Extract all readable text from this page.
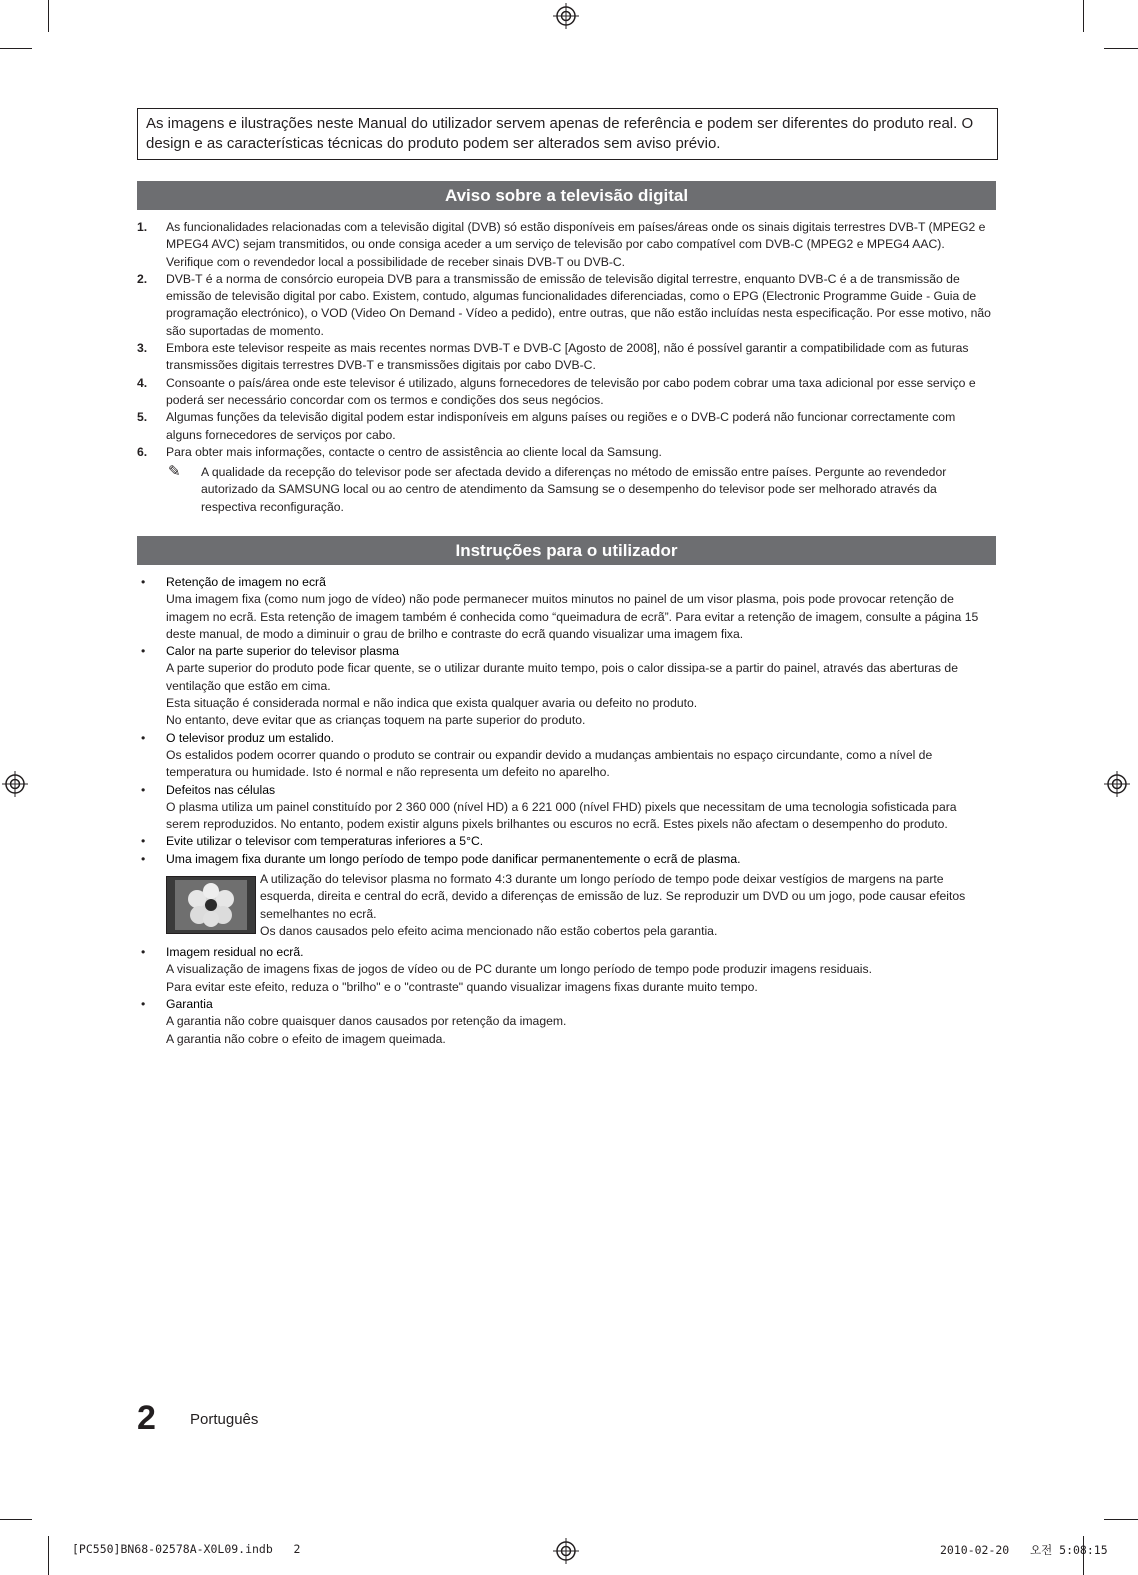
As imagens e ilustrações neste Manual do utilizador servem apenas de referência e podem ser diferentes do produto real. O design e as características técnicas do produto podem ser alterados sem aviso prévio.
Aviso sobre a televisão digital
1. As funcionalidades relacionadas com a televisão digital (DVB) só estão disponíveis em países/áreas onde os sinais digitais terrestres DVB-T (MPEG2 e MPEG4 AVC) sejam transmitidos, ou onde consiga aceder a um serviço de televisão por cabo compatível com DVB-C (MPEG2 e MPEG4 AAC). Verifique com o revendedor local a possibilidade de receber sinais DVB-T ou DVB-C.
2. DVB-T é a norma de consórcio europeia DVB para a transmissão de emissão de televisão digital terrestre, enquanto DVB-C é a de transmissão de emissão de televisão digital por cabo. Existem, contudo, algumas funcionalidades diferenciadas, como o EPG (Electronic Programme Guide - Guia de programação electrónico), o VOD (Video On Demand - Vídeo a pedido), entre outras, que não estão incluídas nesta especificação. Por esse motivo, não são suportadas de momento.
3. Embora este televisor respeite as mais recentes normas DVB-T e DVB-C [Agosto de 2008], não é possível garantir a compatibilidade com as futuras transmissões digitais terrestres DVB-T e transmissões digitais por cabo DVB-C.
4. Consoante o país/área onde este televisor é utilizado, alguns fornecedores de televisão por cabo podem cobrar uma taxa adicional por esse serviço e poderá ser necessário concordar com os termos e condições dos seus negócios.
5. Algumas funções da televisão digital podem estar indisponíveis em alguns países ou regiões e o DVB-C poderá não funcionar correctamente com alguns fornecedores de serviços por cabo.
6. Para obter mais informações, contacte o centro de assistência ao cliente local da Samsung.
✎ A qualidade da recepção do televisor pode ser afectada devido a diferenças no método de emissão entre países. Pergunte ao revendedor autorizado da SAMSUNG local ou ao centro de atendimento da Samsung se o desempenho do televisor pode ser melhorado através da respectiva reconfiguração.
Instruções para o utilizador
• Retenção de imagem no ecrã
Uma imagem fixa (como num jogo de vídeo) não pode permanecer muitos minutos no painel de um visor plasma, pois pode provocar retenção de imagem no ecrã. Esta retenção de imagem também é conhecida como “queimadura de ecrã”. Para evitar a retenção de imagem, consulte a página 15 deste manual, de modo a diminuir o grau de brilho e contraste do ecrã quando visualizar uma imagem fixa.
• Calor na parte superior do televisor plasma
A parte superior do produto pode ficar quente, se o utilizar durante muito tempo, pois o calor dissipa-se a partir do painel, através das aberturas de ventilação que estão em cima.
Esta situação é considerada normal e não indica que exista qualquer avaria ou defeito no produto.
No entanto, deve evitar que as crianças toquem na parte superior do produto.
• O televisor produz um estalido.
Os estalidos podem ocorrer quando o produto se contrair ou expandir devido a mudanças ambientais no espaço circundante, como a nível de temperatura ou humidade. Isto é normal e não representa um defeito no aparelho.
• Defeitos nas células
O plasma utiliza um painel constituído por 2 360 000 (nível HD) a 6 221 000 (nível FHD) pixels que necessitam de uma tecnologia sofisticada para serem reproduzidos. No entanto, podem existir alguns pixels brilhantes ou escuros no ecrã. Estes pixels não afectam o desempenho do produto.
• Evite utilizar o televisor com temperaturas inferiores a 5°C.
• Uma imagem fixa durante um longo período de tempo pode danificar permanentemente o ecrã de plasma.
A utilização do televisor plasma no formato 4:3 durante um longo período de tempo pode deixar vestígios de margens na parte esquerda, direita e central do ecrã, devido a diferenças de emissão de luz. Se reproduzir um DVD ou um jogo, pode causar efeitos semelhantes no ecrã.
Os danos causados pelo efeito acima mencionado não estão cobertos pela garantia.
• Imagem residual no ecrã.
A visualização de imagens fixas de jogos de vídeo ou de PC durante um longo período de tempo pode produzir imagens residuais.
Para evitar este efeito, reduza o "brilho" e o "contraste" quando visualizar imagens fixas durante muito tempo.
• Garantia
A garantia não cobre quaisquer danos causados por retenção da imagem.
A garantia não cobre o efeito de imagem queimada.
2 Português
[PC550]BN68-02578A-X0L09.indb   2	2010-02-20   오전 5:08:15
